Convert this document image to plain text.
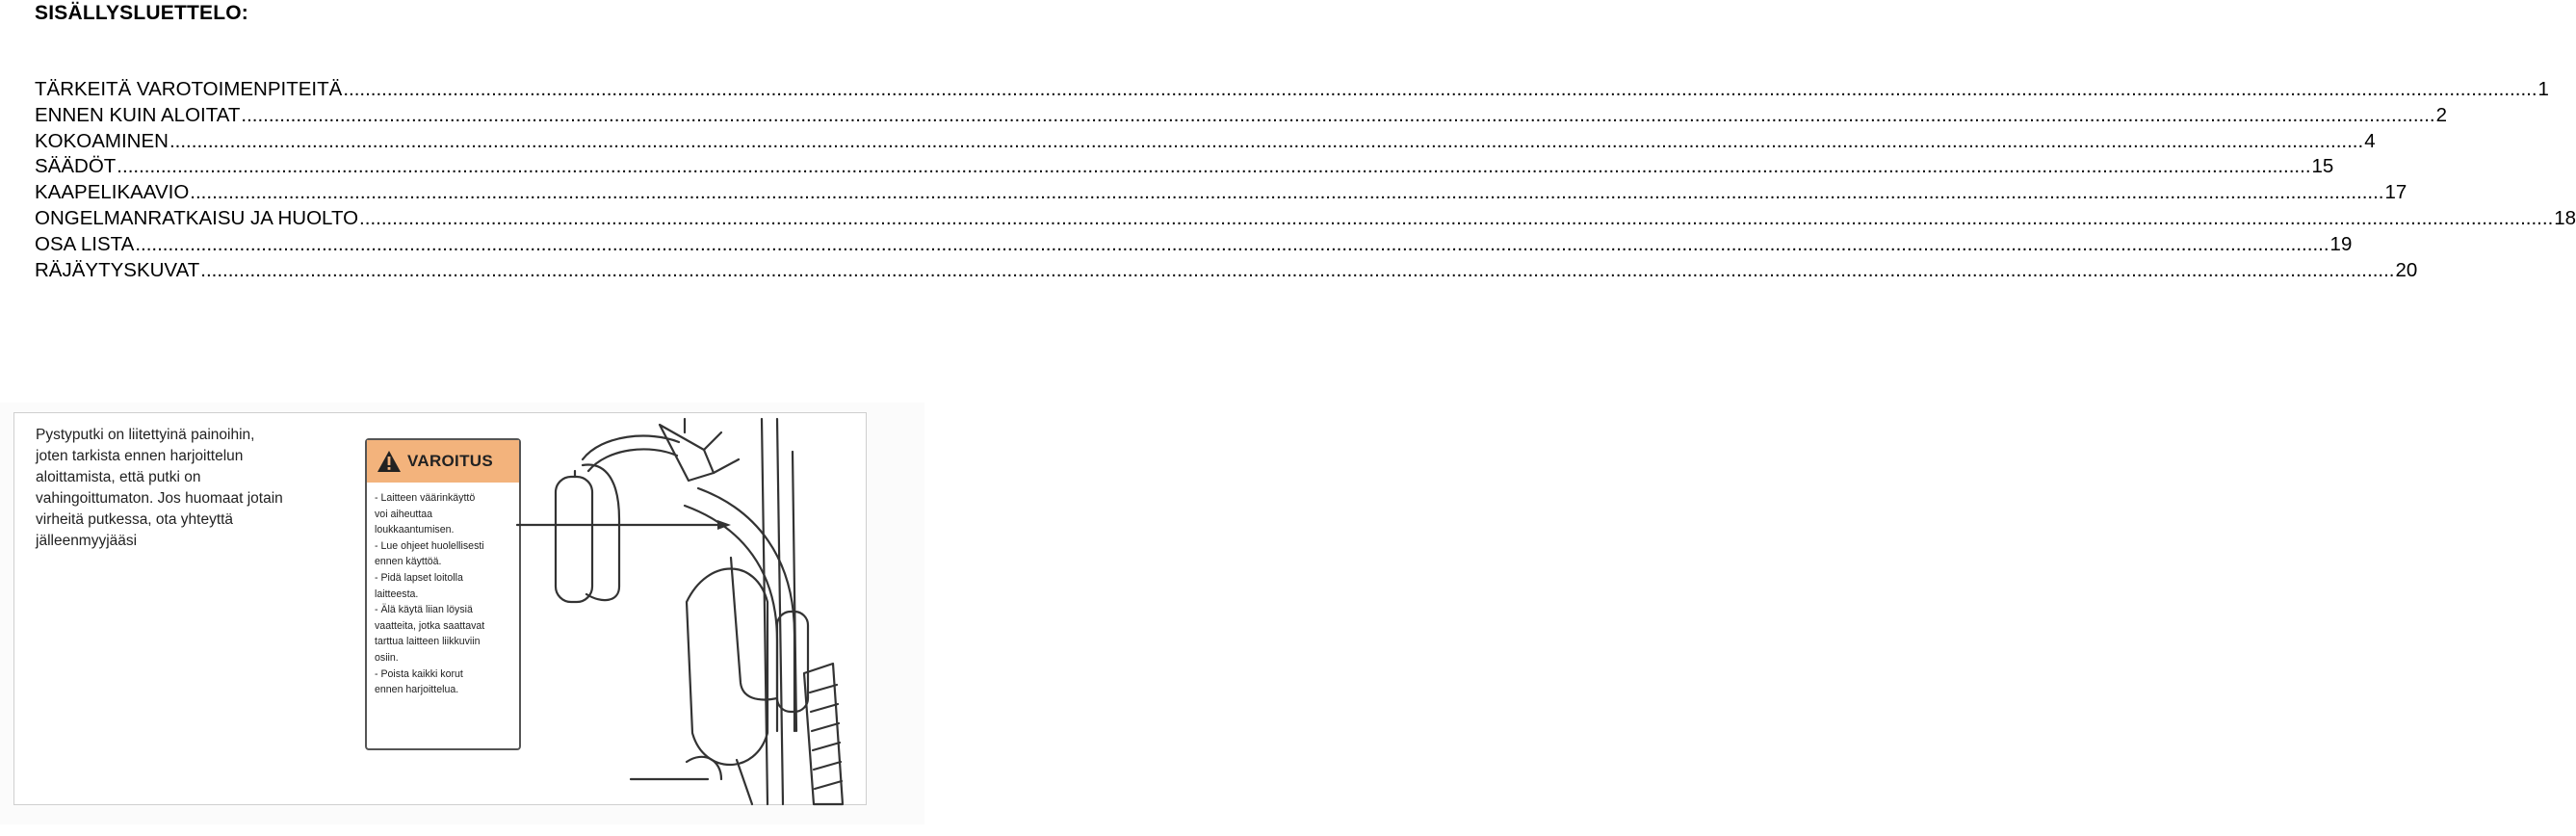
SISÄLLYSLUETTELO:
TÄRKEITÄ VAROTOIMENPITEITÄ ................................................................................................................................................................................................................................................................................................................................................................................................................ 1
ENNEN KUIN ALOITAT ................................................................................................................................................................................................................................................................................................................................................................................................................ 2
KOKOAMINEN ................................................................................................................................................................................................................................................................................................................................................................................................................ 4
SÄÄDÖT ................................................................................................................................................................................................................................................................................................................................................................................................................ 15
KAAPELIKAAVIO ................................................................................................................................................................................................................................................................................................................................................................................................................ 17
ONGELMANRATKAISU JA HUOLTO ................................................................................................................................................................................................................................................................................................................................................................................................................ 18
OSA LISTA ................................................................................................................................................................................................................................................................................................................................................................................................................ 19
RÄJÄYTYSKUVAT ................................................................................................................................................................................................................................................................................................................................................................................................................ 20
Pystyputki on liitettyinä painoihin,
joten tarkista ennen harjoittelun
aloittamista, että putki on
vahingoittumaton. Jos huomaat jotain
virheitä putkessa, ota yhteyttä
jälleenmyyjääsi
VAROITUS
- Laitteen väärinkäyttö
voi aiheuttaa
loukkaantumisen.
- Lue ohjeet huolellisesti
ennen käyttöä.
- Pidä lapset loitolla
laitteesta.
- Älä käytä liian löysiä
vaatteita, jotka saattavat
tarttua laitteen liikkuviin
osiin.
- Poista kaikki korut
ennen harjoittelua.
